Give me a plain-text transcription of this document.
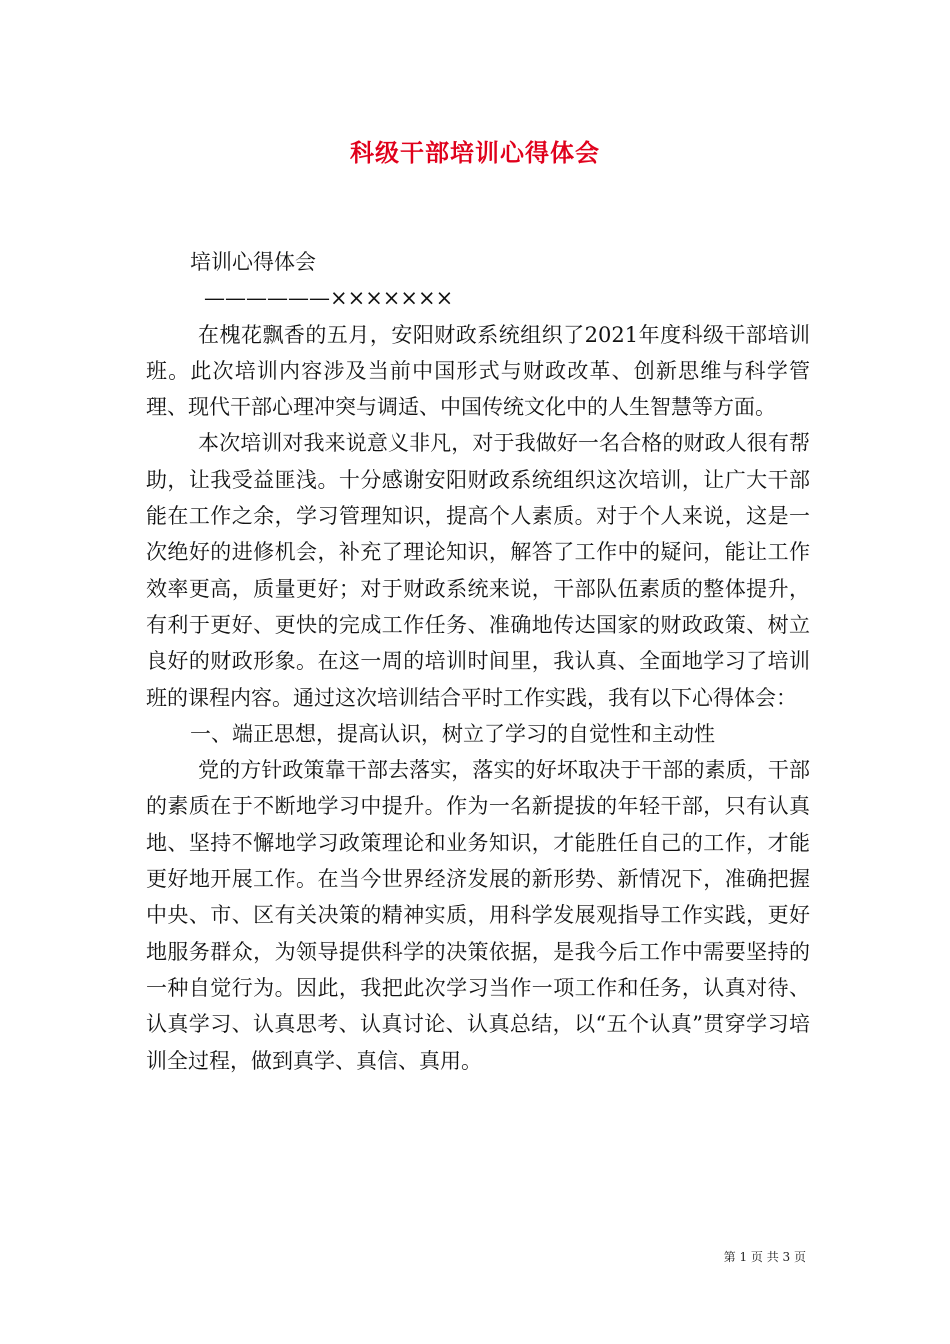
科级干部培训心得体会

培训心得体会

——————×××××××

在槐花飘香的五月，安阳财政系统组织了2021年度科级干部培训班。此次培训内容涉及当前中国形式与财政改革、创新思维与科学管理、现代干部心理冲突与调适、中国传统文化中的人生智慧等方面。

本次培训对我来说意义非凡，对于我做好一名合格的财政人很有帮助，让我受益匪浅。十分感谢安阳财政系统组织这次培训，让广大干部能在工作之余，学习管理知识，提高个人素质。对于个人来说，这是一次绝好的进修机会，补充了理论知识，解答了工作中的疑问，能让工作效率更高，质量更好；对于财政系统来说，干部队伍素质的整体提升，有利于更好、更快的完成工作任务、准确地传达国家的财政政策、树立良好的财政形象。在这一周的培训时间里，我认真、全面地学习了培训班的课程内容。通过这次培训结合平时工作实践，我有以下心得体会：

一、端正思想，提高认识，树立了学习的自觉性和主动性

党的方针政策靠干部去落实，落实的好坏取决于干部的素质，干部的素质在于不断地学习中提升。作为一名新提拔的年轻干部，只有认真地、坚持不懈地学习政策理论和业务知识，才能胜任自己的工作，才能更好地开展工作。在当今世界经济发展的新形势、新情况下，准确把握中央、市、区有关决策的精神实质，用科学发展观指导工作实践，更好地服务群众，为领导提供科学的决策依据，是我今后工作中需要坚持的一种自觉行为。因此，我把此次学习当作一项工作和任务，认真对待、认真学习、认真思考、认真讨论、认真总结，以“五个认真”贯穿学习培训全过程，做到真学、真信、真用。

第 1 页 共 3 页
